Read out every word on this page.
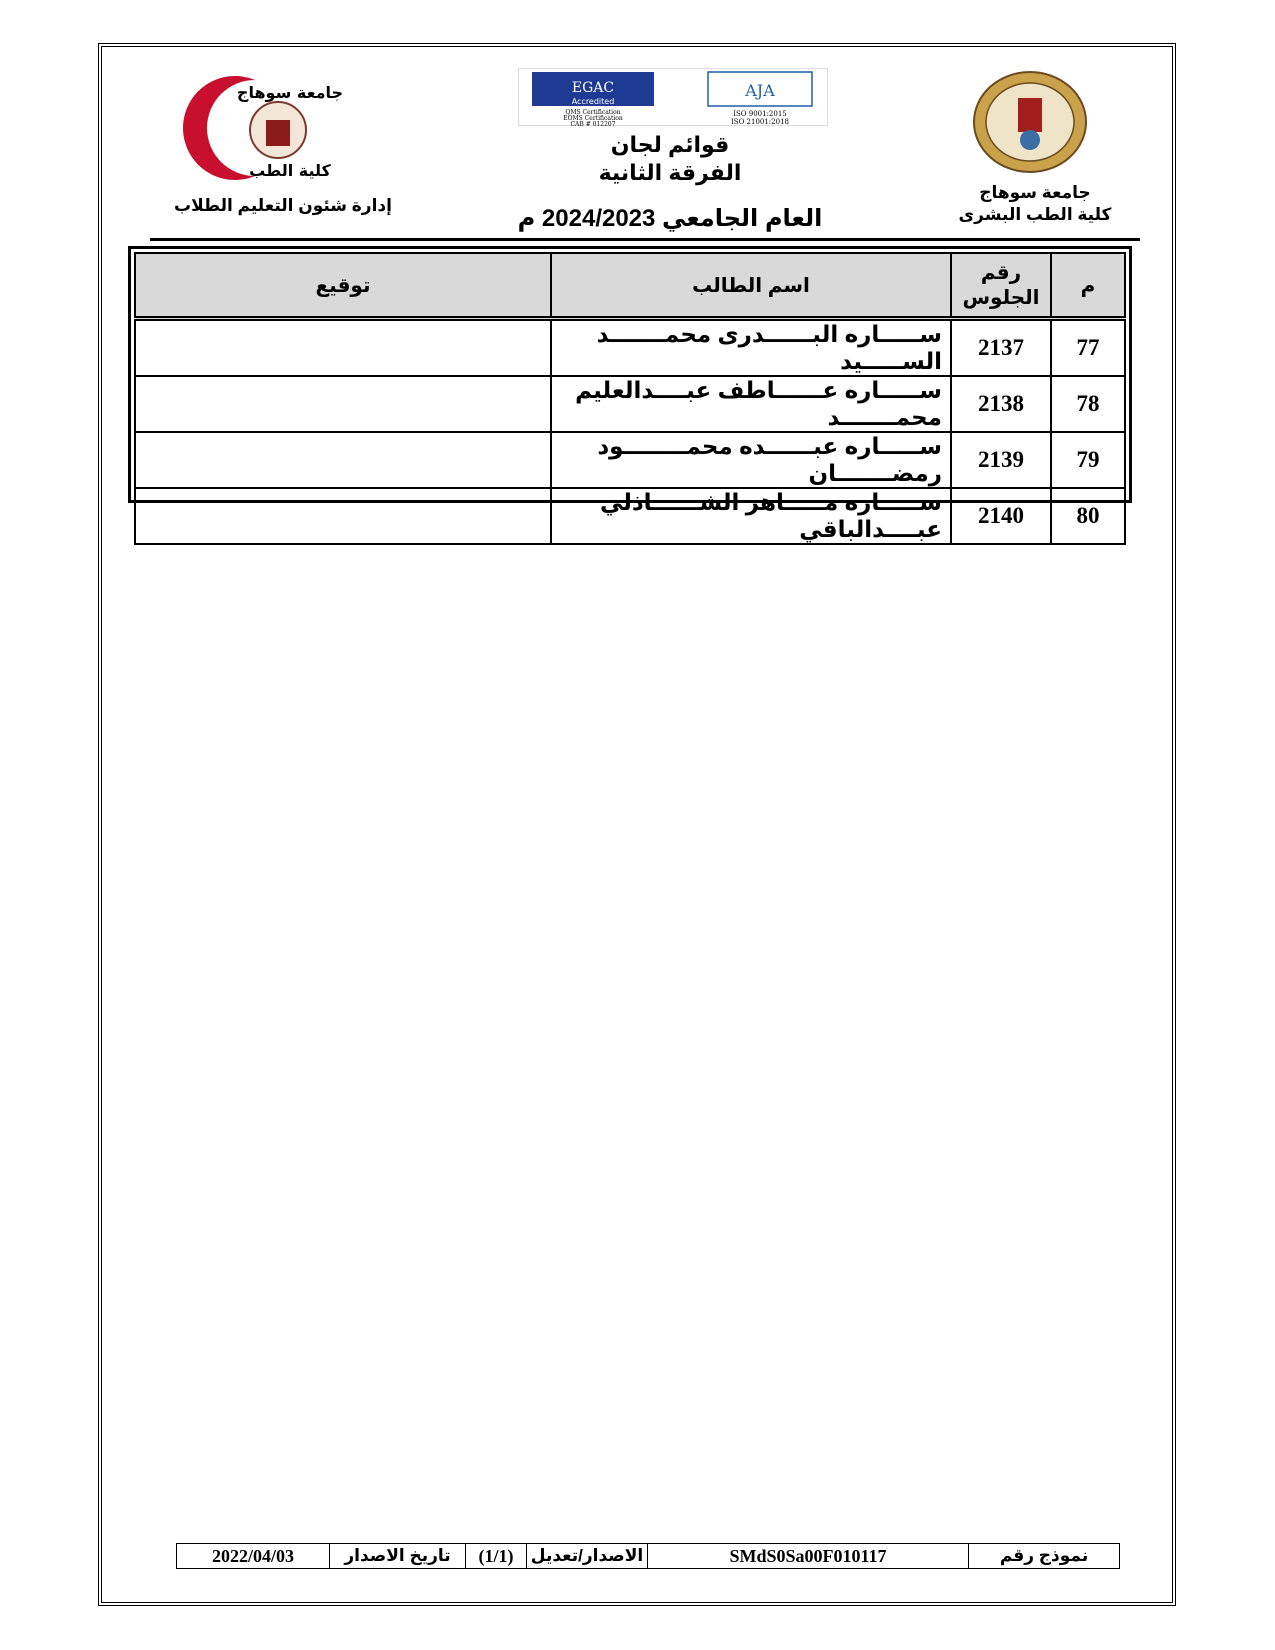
جامعة سوهاج
كلية الطب
EGAC
Accredited
QMS Certification
EOMS Certification
CAB # 012207
AJA
ISO 9001:2015
ISO 21001:2018
إدارة شئون التعليم الطلاب
جامعة سوهاج
كلية الطب البشرى
قوائم لجان
الفرقة الثانية
العام الجامعي 2024/2023 م
م	رقم الجلوس	اسم الطالب	توقيع
77	2137	ســـــاره البــــــدرى محمـــــــد الســـــيد	
78	2138	ســـــاره عــــــاطف عبــــدالعليم محمـــــــد	
79	2139	ســـــاره عبــــــده محمــــــــود رمضـــــــان	
80	2140	ســـــاره مـــــاهر الشــــــاذلي عبــــدالباقي	
نموذج رقم
SMdS0Sa00F010117
الاصدار/تعديل
(1/1)
تاريخ الاصدار
2022/04/03
